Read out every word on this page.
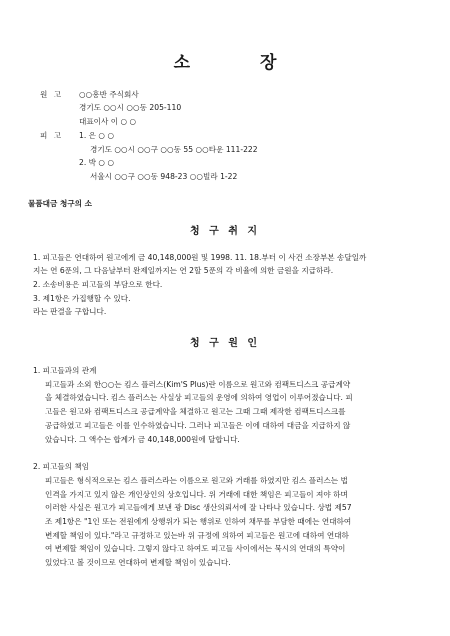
소 장
원 고 ○○흥반 주식회사
경기도 ○○시 ○○동 205-110
대표이사 이 ○ ○
피 고 1. 은 ○ ○
경기도 ○○시 ○○구 ○○동 55 ○○타운 111-222
2. 박 ○ ○
서울시 ○○구 ○○동 948-23 ○○빌라 1-22
물품대금 청구의 소
청 구 취 지
1. 피고들은 연대하여 원고에게 금 40,148,000원 및 1998. 11. 18.부터 이 사건 소장부본 송달일까
지는 연 6푼의, 그 다음날부터 완제일까지는 연 2할 5푼의 각 비율에 의한 금원을 지급하라.
2. 소송비용은 피고들의 부담으로 한다.
3. 제1항은 가집행할 수 있다.
라는 판결을 구합니다.
청 구 원 인
1. 피고들과의 관계
피고들과 소외 한○○는 킴스 플러스(Kim'S Plus)란 이름으로 원고와 컴팩트디스크 공급계약
을 체결하였습니다. 킴스 플러스는 사실상 피고들의 운영에 의하여 영업이 이루어졌습니다. 피
고들은 원고와 컴팩트디스크 공급계약을 체결하고 원고는 그때 그때 제작한 컴팩트디스크를
공급하였고 피고들은 이를 인수하였습니다. 그러나 피고들은 이에 대하여 대금을 지급하지 않
았습니다. 그 액수는 합계가 금 40,148,000원에 달합니다.
2. 피고들의 책임
피고들은 형식적으로는 킴스 플러스라는 이름으로 원고와 거래를 하였지만 킴스 플러스는 법
인격을 가지고 있지 않은 개인상인의 상호입니다. 위 거래에 대한 책임은 피고들이 져야 하며
이러한 사실은 원고가 피고들에게 보낸 광 Disc 생산의뢰서에 잘 나타나 있습니다. 상법 제57
조 제1항은 "1인 또는 전원에게 상행위가 되는 행위로 인하여 채무를 부담한 때에는 연대하여
변제할 책임이 있다."라고 규정하고 있는바 위 규정에 의하여 피고들은 원고에 대하여 연대하
여 변제할 책임이 있습니다. 그렇지 않다고 하여도 피고들 사이에서는 묵시의 연대의 특약이
있었다고 볼 것이므로 연대하여 변제할 책임이 있습니다.
